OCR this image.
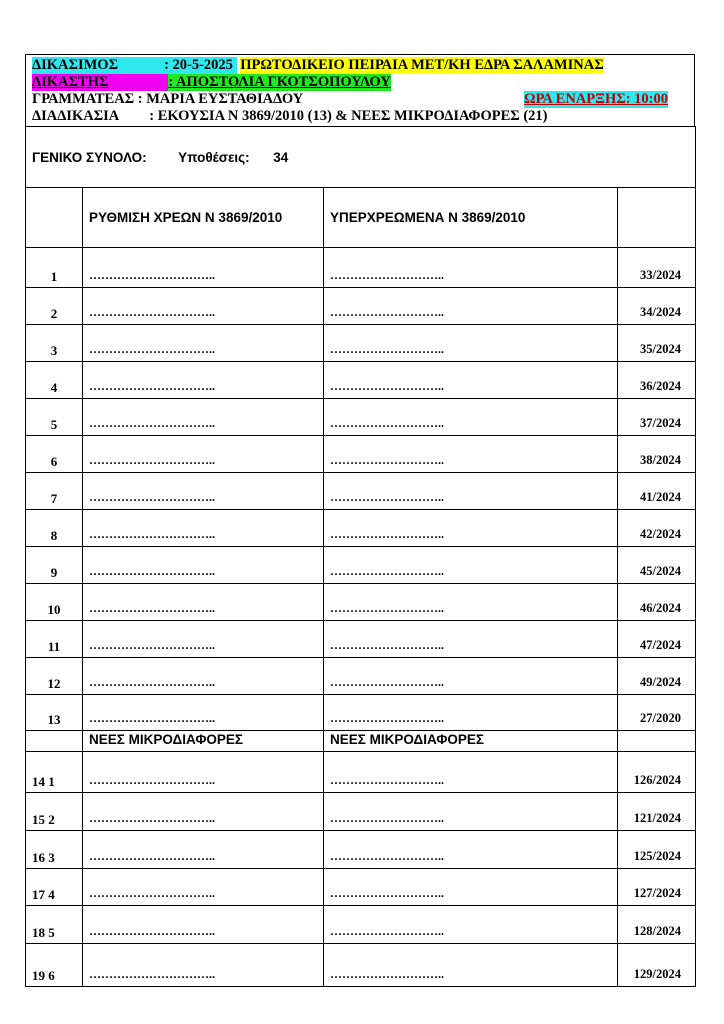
ΔΙΚΑΣΙΜΟΣ	: 20-5-2025 ΠΡΩΤΟΔΙΚΕΙΟ ΠΕΙΡΑΙΑ ΜΕΤ/ΚΗ ΕΔΡΑ ΣΑΛΑΜΙΝΑΣ
ΔΙΚΑΣΤΗΣ	: ΑΠΟΣΤΟΛΙΑ ΓΚΟΤΣΟΠΟΥΛΟΥ
ΓΡΑΜΜΑΤΕΑΣ : ΜΑΡΙΑ ΕΥΣΤΑΘΙΑΔΟΥ	ΩΡΑ ΕΝΑΡΞΗΣ: 10:00
ΔΙΑΔΙΚΑΣΙΑ : ΕΚΟΥΣΙΑ Ν 3869/2010 (13) & ΝΕΕΣ ΜΙΚΡΟΔΙΑΦΟΡΕΣ (21)
ΓΕΝΙΚΟ ΣΥΝΟΛΟ: Υποθέσεις: 34			
	ΡΥΘΜΙΣΗ ΧΡΕΩΝ Ν 3869/2010	ΥΠΕΡΧΡΕΩΜΕΝΑ Ν 3869/2010	
1	…………………………..	………………………..	33/2024
2	…………………………..	………………………..	34/2024
3	…………………………..	………………………..	35/2024
4	…………………………..	………………………..	36/2024
5	…………………………..	………………………..	37/2024
6	…………………………..	………………………..	38/2024
7	…………………………..	………………………..	41/2024
8	…………………………..	………………………..	42/2024
9	…………………………..	………………………..	45/2024
10	…………………………..	………………………..	46/2024
11	…………………………..	………………………..	47/2024
12	…………………………..	………………………..	49/2024
13	…………………………..	………………………..	27/2020
	ΝΕΕΣ ΜΙΚΡΟΔΙΑΦΟΡΕΣ	ΝΕΕΣ ΜΙΚΡΟΔΙΑΦΟΡΕΣ	
14 1	…………………………..	………………………..	126/2024
15 2	…………………………..	………………………..	121/2024
16 3	…………………………..	………………………..	125/2024
17 4	…………………………..	………………………..	127/2024
18 5	…………………………..	………………………..	128/2024
19 6	…………………………..	………………………..	129/2024
